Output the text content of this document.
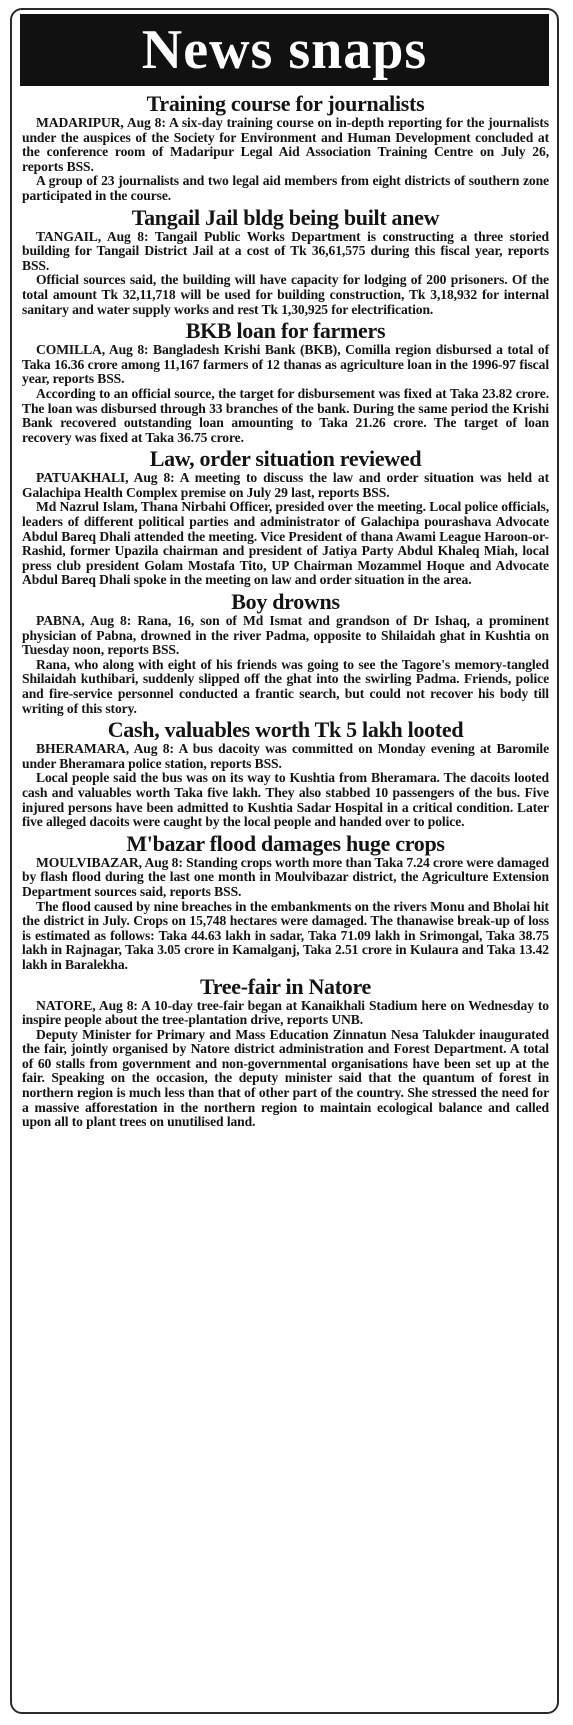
News snaps
Training course for journalists

MADARIPUR, Aug 8: A six-day training course on in-depth reporting for the journalists under the auspices of the Society for Environment and Human Development concluded at the conference room of Madaripur Legal Aid Association Training Centre on July 26, reports BSS.

A group of 23 journalists and two legal aid members from eight districts of southern zone participated in the course.

Tangail Jail bldg being built anew

TANGAIL, Aug 8: Tangail Public Works Department is constructing a three storied building for Tangail District Jail at a cost of Tk 36,61,575 during this fiscal year, reports BSS.

Official sources said, the building will have capacity for lodging of 200 prisoners. Of the total amount Tk 32,11,718 will be used for building construction, Tk 3,18,932 for internal sanitary and water supply works and rest Tk 1,30,925 for electrification.

BKB loan for farmers

COMILLA, Aug 8: Bangladesh Krishi Bank (BKB), Comilla region disbursed a total of Taka 16.36 crore among 11,167 farmers of 12 thanas as agriculture loan in the 1996-97 fiscal year, reports BSS.

According to an official source, the target for disbursement was fixed at Taka 23.82 crore. The loan was disbursed through 33 branches of the bank. During the same period the Krishi Bank recovered outstanding loan amounting to Taka 21.26 crore. The target of loan recovery was fixed at Taka 36.75 crore.

Law, order situation reviewed

PATUAKHALI, Aug 8: A meeting to discuss the law and order situation was held at Galachipa Health Complex premise on July 29 last, reports BSS.

Md Nazrul Islam, Thana Nirbahi Officer, presided over the meeting. Local police officials, leaders of different political parties and administrator of Galachipa pourashava Advocate Abdul Bareq Dhali attended the meeting. Vice President of thana Awami League Haroon-or-Rashid, former Upazila chairman and president of Jatiya Party Abdul Khaleq Miah, local press club president Golam Mostafa Tito, UP Chairman Mozammel Hoque and Advocate Abdul Bareq Dhali spoke in the meeting on law and order situation in the area.

Boy drowns

PABNA, Aug 8: Rana, 16, son of Md Ismat and grandson of Dr Ishaq, a prominent physician of Pabna, drowned in the river Padma, opposite to Shilaidah ghat in Kushtia on Tuesday noon, reports BSS.

Rana, who along with eight of his friends was going to see the Tagore's memory-tangled Shilaidah kuthibari, suddenly slipped off the ghat into the swirling Padma. Friends, police and fire-service personnel conducted a frantic search, but could not recover his body till writing of this story.

Cash, valuables worth Tk 5 lakh looted

BHERAMARA, Aug 8: A bus dacoity was committed on Monday evening at Baromile under Bheramara police station, reports BSS.

Local people said the bus was on its way to Kushtia from Bheramara. The dacoits looted cash and valuables worth Taka five lakh. They also stabbed 10 passengers of the bus. Five injured persons have been admitted to Kushtia Sadar Hospital in a critical condition. Later five alleged dacoits were caught by the local people and handed over to police.

M'bazar flood damages huge crops

MOULVIBAZAR, Aug 8: Standing crops worth more than Taka 7.24 crore were damaged by flash flood during the last one month in Moulvibazar district, the Agriculture Extension Department sources said, reports BSS.

The flood caused by nine breaches in the embankments on the rivers Monu and Bholai hit the district in July. Crops on 15,748 hectares were damaged. The thanawise break-up of loss is estimated as follows: Taka 44.63 lakh in sadar, Taka 71.09 lakh in Srimongal, Taka 38.75 lakh in Rajnagar, Taka 3.05 crore in Kamalganj, Taka 2.51 crore in Kulaura and Taka 13.42 lakh in Baralekha.

Tree-fair in Natore

NATORE, Aug 8: A 10-day tree-fair began at Kanaikhali Stadium here on Wednesday to inspire people about the tree-plantation drive, reports UNB.

Deputy Minister for Primary and Mass Education Zinnatun Nesa Talukder inaugurated the fair, jointly organised by Natore district administration and Forest Department. A total of 60 stalls from government and non-governmental organisations have been set up at the fair. Speaking on the occasion, the deputy minister said that the quantum of forest in northern region is much less than that of other part of the country. She stressed the need for a massive afforestation in the northern region to maintain ecological balance and called upon all to plant trees on unutilised land.
